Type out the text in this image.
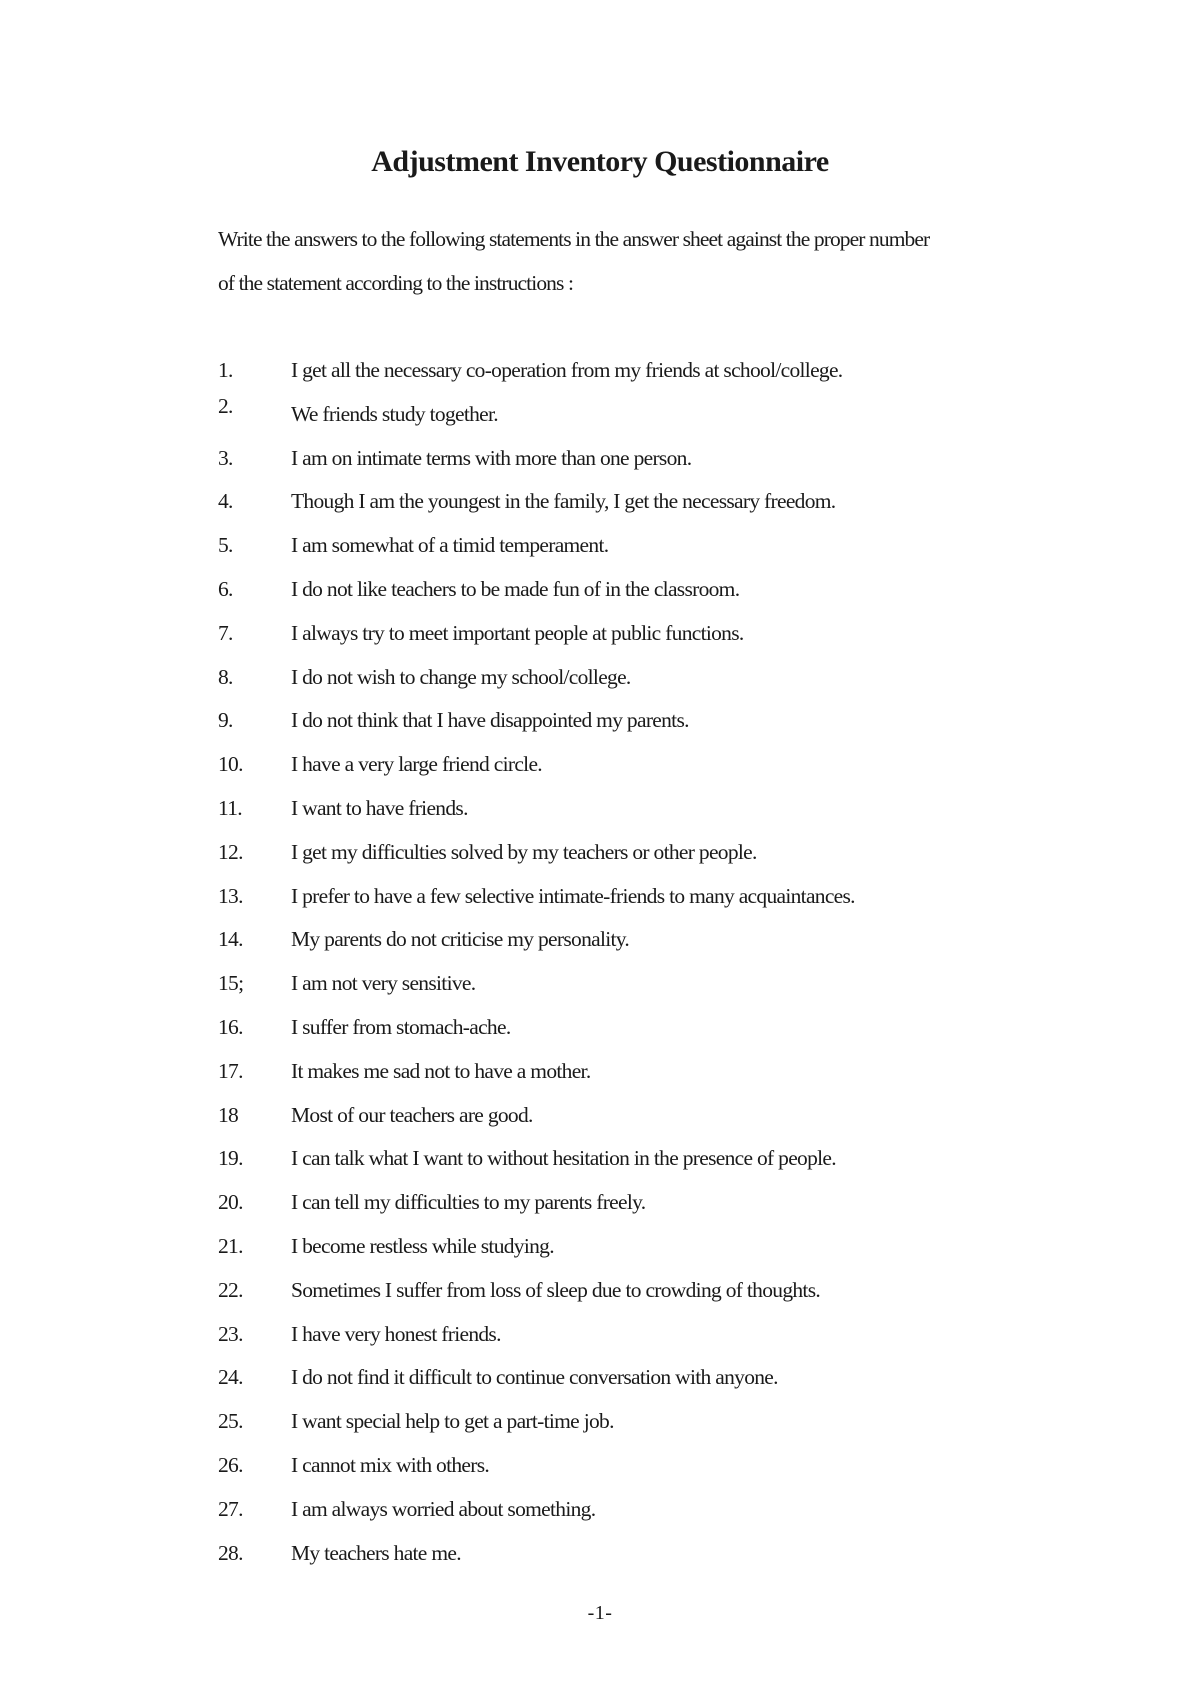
Adjustment Inventory Questionnaire

Write the answers to the following statements in the answer sheet against the proper number

of the statement according to the instructions :

1.	I get all the necessary co-operation from my friends at school/college.
2.	We friends study together.
3.	I am on intimate terms with more than one person.
4.	Though I am the youngest in the family, I get the necessary freedom.
5.	I am somewhat of a timid temperament.
6.	I do not like teachers to be made fun of in the classroom.
7.	I always try to meet important people at public functions.
8.	I do not wish to change my school/college.
9.	I do not think that I have disappointed my parents.
10. I have a very large friend circle.
11. I want to have friends.
12. I get my difficulties solved by my teachers or other people.
13. I prefer to have a few selective intimate-friends to many acquaintances.
14. My parents do not criticise my personality.
15; I am not very sensitive.
16. I suffer from stomach-ache.
17. It makes me sad not to have a mother.
18 Most of our teachers are good.
19. I can talk what I want to without hesitation in the presence of people.
20. I can tell my difficulties to my parents freely.
21. I become restless while studying.
22. Sometimes I suffer from loss of sleep due to crowding of thoughts.
23. I have very honest friends.
24. I do not find it difficult to continue conversation with anyone.
25. I want special help to get a part-time job.
26. I cannot mix with others.
27. I am always worried about something.
28. My teachers hate me.
-1-
